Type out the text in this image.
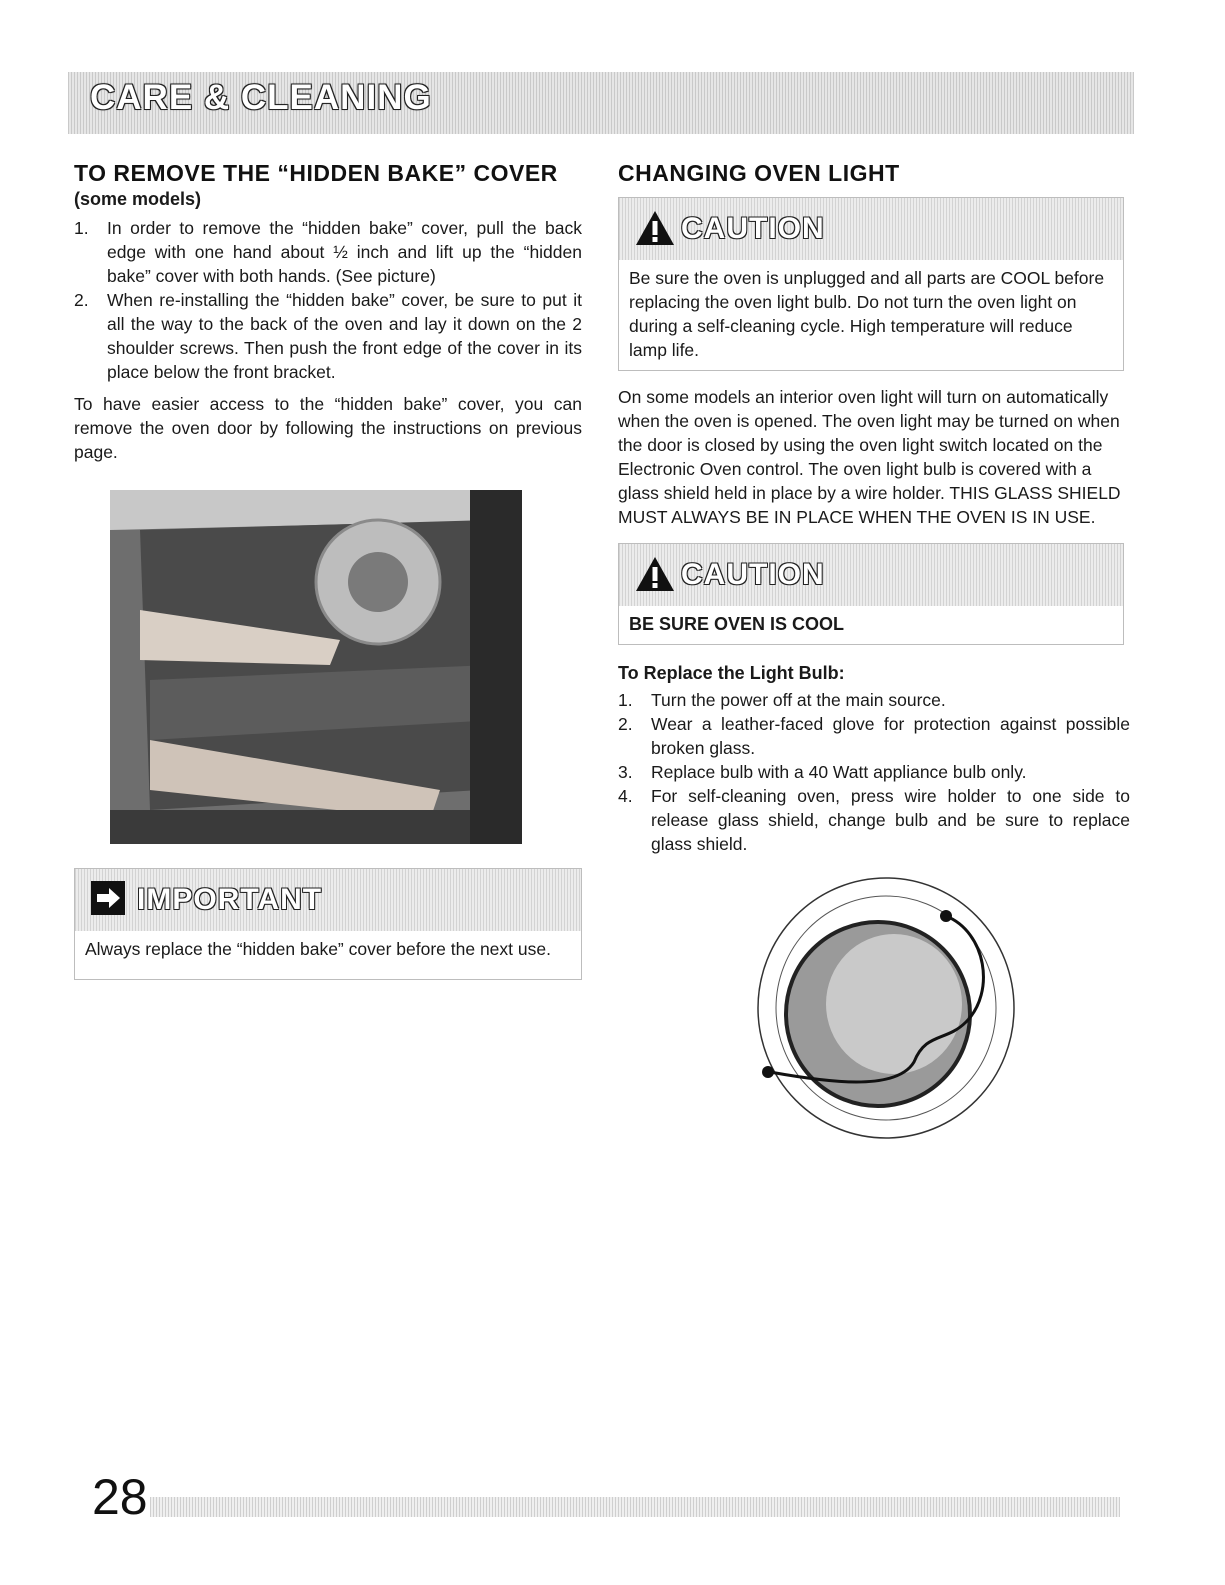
CARE & CLEANING
TO REMOVE THE “HIDDEN BAKE” COVER
(some models)
1. In order to remove the “hidden bake” cover, pull the back edge with one hand about ½ inch and lift up the “hidden bake” cover with both hands. (See picture)
2. When re-installing the “hidden bake” cover, be sure to put it all the way to the back of the oven and lay it down on the 2 shoulder screws. Then push the front edge of the cover in its place below the front bracket.

To have easier access to the “hidden bake” cover, you can remove the oven door by following the instructions on previous page.

IMPORTANT
Always replace the “hidden bake” cover before the next use.
CHANGING OVEN LIGHT
CAUTION
Be sure the oven is unplugged and all parts are COOL before replacing the oven light bulb. Do not turn the oven light on during a self-cleaning cycle. High temperature will reduce lamp life.

On some models an interior oven light will turn on automatically when the oven is opened. The oven light may be turned on when the door is closed by using the oven light switch located on the Electronic Oven control. The oven light bulb is covered with a glass shield held in place by a wire holder. THIS GLASS SHIELD MUST ALWAYS BE IN PLACE WHEN THE OVEN IS IN USE.

CAUTION
BE SURE OVEN IS COOL
To Replace the Light Bulb:
1. Turn the power off at the main source.
2. Wear a leather-faced glove for protection against possible broken glass.
3. Replace bulb with a 40 Watt appliance bulb only.
4. For self-cleaning oven, press wire holder to one side to release glass shield, change bulb and be sure to replace glass shield.
28
